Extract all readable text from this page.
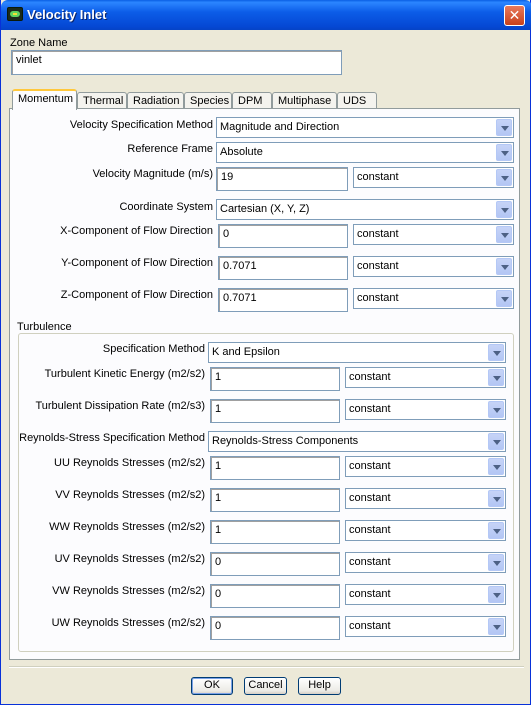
Velocity Inlet	✕
Zone Name
vinlet
Momentum Thermal Radiation Species DPM	Multiphase	UDS
Velocity Specification Method Magnitude and Direction
Reference Frame Absolute
Velocity Magnitude (m/s) 19	constant
Coordinate System Cartesian (X, Y, Z)
X-Component of Flow Direction 0	constant
Y-Component of Flow Direction 0.7071	constant
Z-Component of Flow Direction 0.7071	constant
Turbulence
Specification Method K and Epsilon
Turbulent Kinetic Energy (m2/s2) 1	constant
Turbulent Dissipation Rate (m2/s3) 1	constant
Reynolds-Stress Specification Method Reynolds-Stress Components
UU Reynolds Stresses (m2/s2) 1	constant
VV Reynolds Stresses (m2/s2) 1	constant
WW Reynolds Stresses (m2/s2) 1	constant
UV Reynolds Stresses (m2/s2) 0	constant
VW Reynolds Stresses (m2/s2) 0	constant
UW Reynolds Stresses (m2/s2) 0	constant
OK	Cancel	Help
